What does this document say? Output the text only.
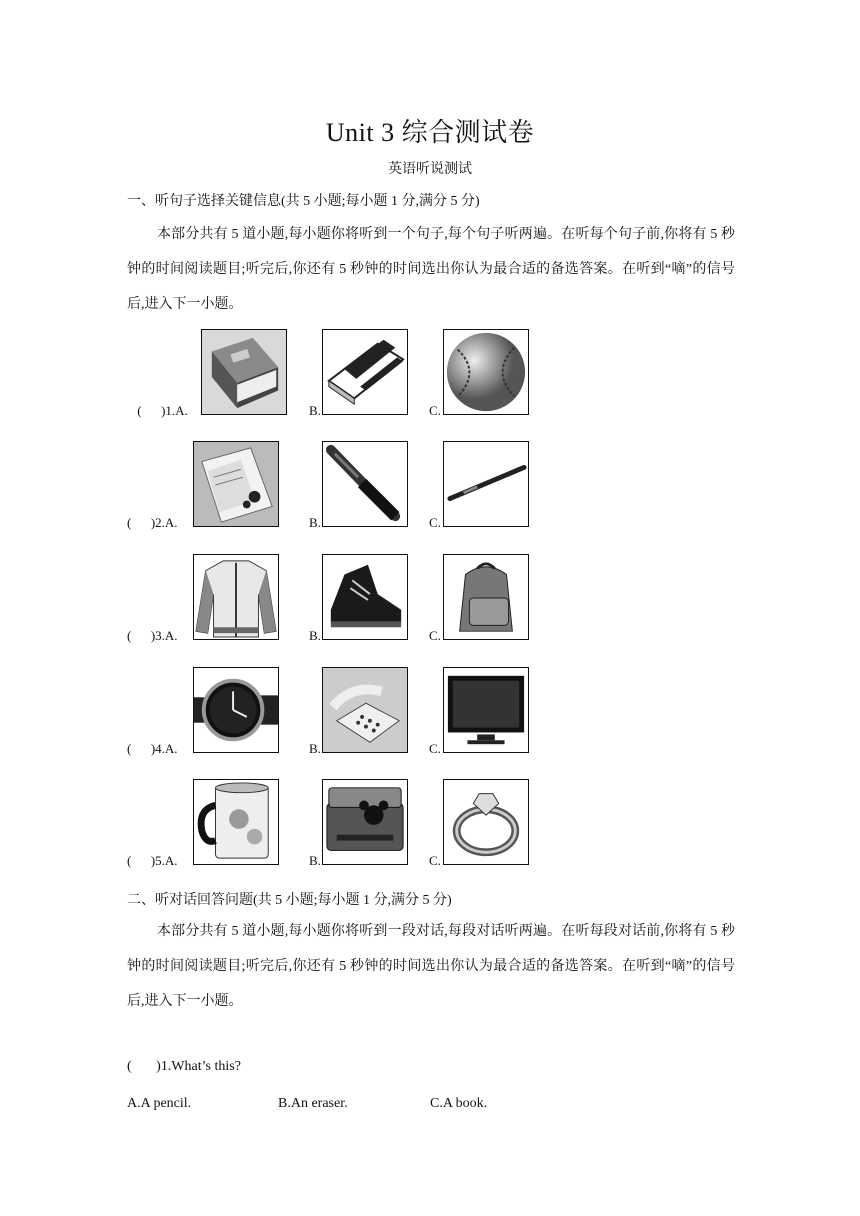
Unit 3 综合测试卷
英语听说测试
一、听句子选择关键信息(共 5 小题;每小题 1 分,满分 5 分)

本部分共有 5 道小题,每小题你将听到一个句子,每个句子听两遍。在听每个句子前,你将有 5 秒钟的时间阅读题目;听完后,你还有 5 秒钟的时间选出你认为最合适的备选答案。在听到“嘀”的信号后,进入下一小题。

(      )1.A.	B.	C.
(      )2.A.	B.	C.
(      )3.A.	B.	C.
(      )4.A.	B.	C.
(      )5.A.	B.	C.
二、听对话回答问题(共 5 小题;每小题 1 分,满分 5 分)

本部分共有 5 道小题,每小题你将听到一段对话,每段对话听两遍。在听每段对话前,你将有 5 秒钟的时间阅读题目;听完后,你还有 5 秒钟的时间选出你认为最合适的备选答案。在听到“嘀”的信号后,进入下一小题。

(       )1.What’s this?
A.A pencil.	B.An eraser.	C.A book.
